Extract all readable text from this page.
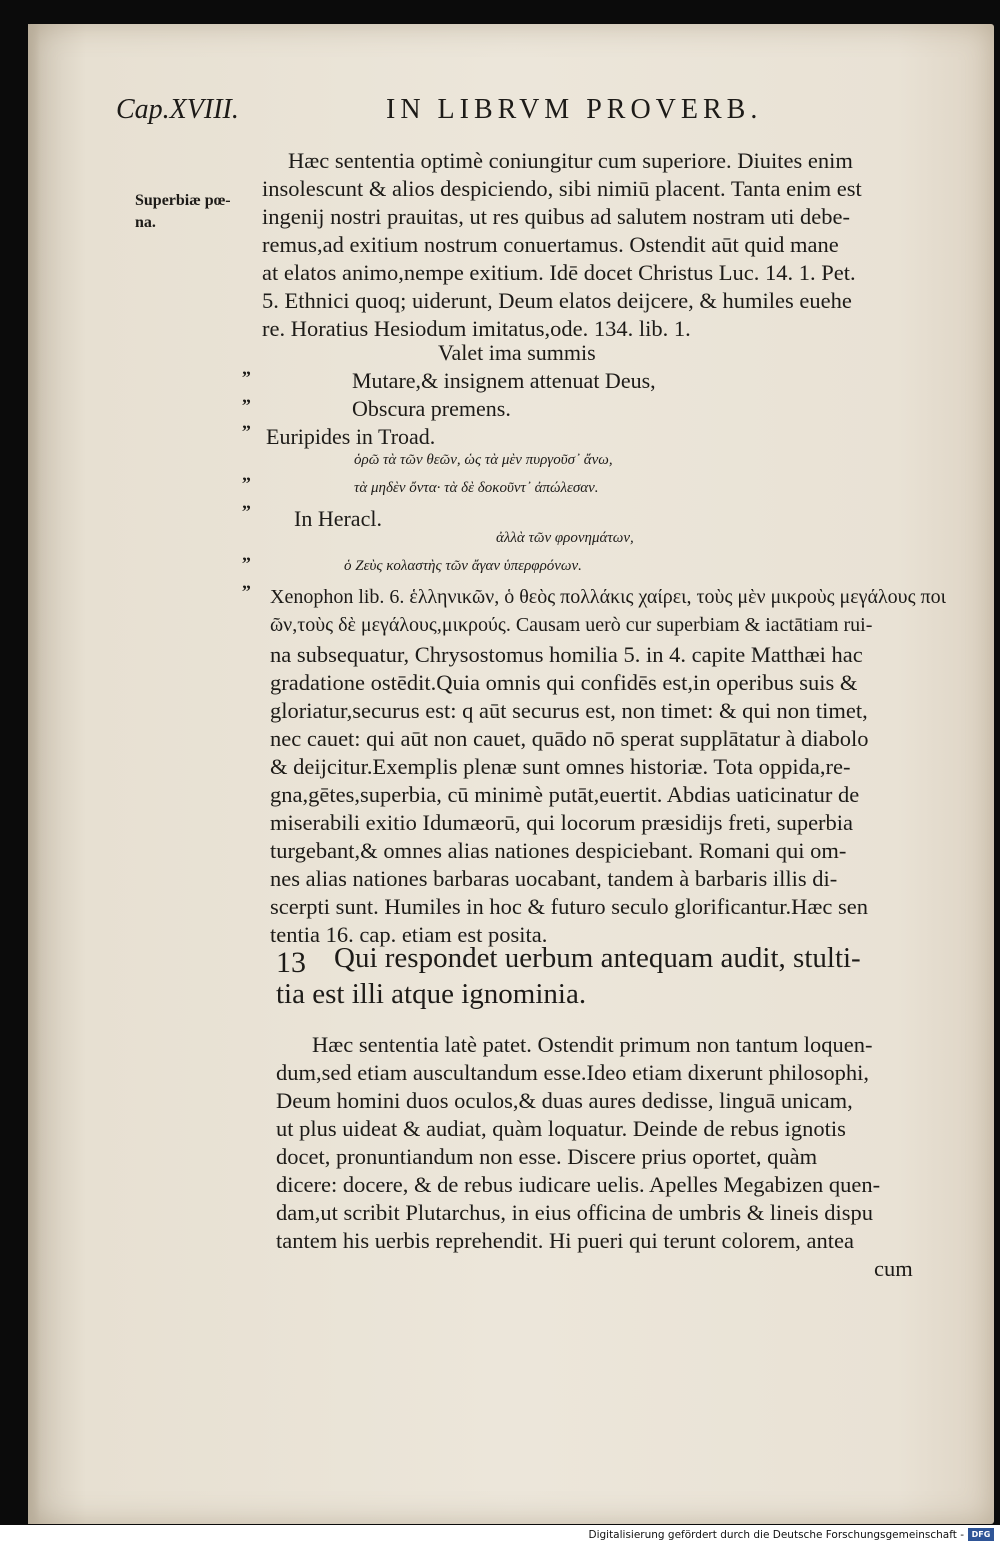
Cap.XVIII.	IN LIBRVM PROVERB.
Superbiæ pœ-
na.
Hæc sententia optimè coniungitur cum superiore. Diuites enim
insolescunt & alios despiciendo, sibi nimiū placent. Tanta enim est
ingenij nostri prauitas, ut res quibus ad salutem nostram uti debe-
remus,ad exitium nostrum conuertamus. Ostendit aūt quid mane
at elatos animo,nempe exitium. Idē docet Christus Luc. 14. 1. Pet.
5. Ethnici quoq; uiderunt, Deum elatos deijcere, & humiles euehe
re. Horatius Hesiodum imitatus,ode. 134. lib. 1.
Valet ima summis
Mutare,& insignem attenuat Deus,
Obscura premens.
„
„
„
Euripides in Troad.
ὁρῶ τὰ τῶν θεῶν, ὡς τὰ μὲν πυργοῦσ᾽ ἄνω,
τὰ μηδὲν ὄντα· τὰ δὲ δοκοῦντ᾽ ἀπώλεσαν.
„
„
In Heracl.
ἀλλὰ τῶν φρονημάτων,
ὁ Ζεὺς κολαστὴς τῶν ἄγαν ὑπερφρόνων.
„
„
Xenophon lib. 6. ἑλληνικῶν, ὁ θεὸς πολλάκις χαίρει, τοὺς μὲν μικροὺς μεγάλους ποι
ῶν,τοὺς δὲ μεγάλους,μικρούς. Causam uerò cur superbiam & iactātiam rui-
na subsequatur, Chrysostomus homilia 5. in 4. capite Matthæi hac
gradatione ostēdit.Quia omnis qui confidēs est,in operibus suis &
gloriatur,securus est: q aūt securus est, non timet: & qui non timet,
nec cauet: qui aūt non cauet, quādo nō sperat supplātatur à diabolo
& deijcitur.Exemplis plenæ sunt omnes historiæ. Tota oppida,re-
gna,gētes,superbia, cū minimè putāt,euertit. Abdias uaticinatur de
miserabili exitio Idumæorū, qui locorum præsidijs freti, superbia
turgebant,& omnes alias nationes despiciebant. Romani qui om-
nes alias nationes barbaras uocabant, tandem à barbaris illis di-
scerpti sunt. Humiles in hoc & futuro seculo glorificantur.Hæc sen
tentia 16. cap. etiam est posita.
13 Qui respondet uerbum antequam audit, stulti-
tia est illi atque ignominia.
Hæc sententia latè patet. Ostendit primum non tantum loquen-
dum,sed etiam auscultandum esse.Ideo etiam dixerunt philosophi,
Deum homini duos oculos,& duas aures dedisse, linguā unicam,
ut plus uideat & audiat, quàm loquatur. Deinde de rebus ignotis
docet, pronuntiandum non esse. Discere prius oportet, quàm
dicere: docere, & de rebus iudicare uelis. Apelles Megabizen quen-
dam,ut scribit Plutarchus, in eius officina de umbris & lineis dispu
tantem his uerbis reprehendit. Hi pueri qui terunt colorem, antea
cum
Digitalisierung gefördert durch die Deutsche Forschungsgemeinschaft - DFG
